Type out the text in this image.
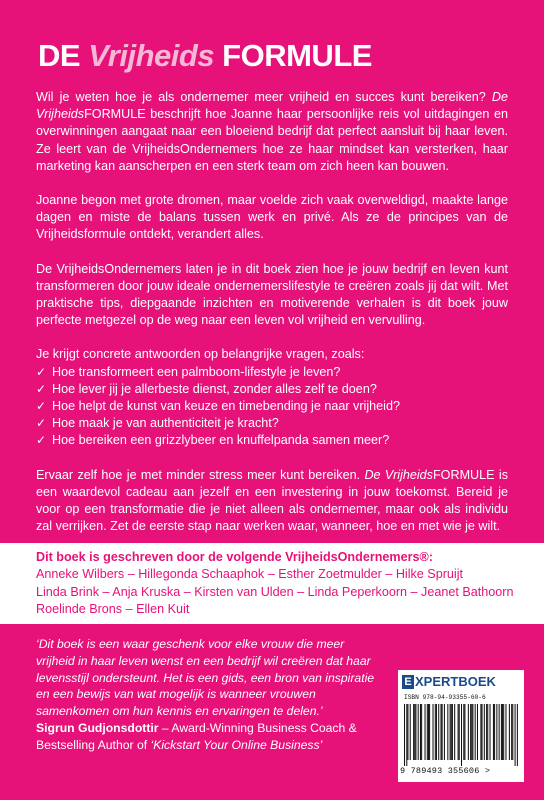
DE Vrijheids FORMULE

Wil je weten hoe je als ondernemer meer vrijheid en succes kunt bereiken? De VrijheidsFORMULE beschrijft hoe Joanne haar persoonlijke reis vol uitdagingen en overwinningen aangaat naar een bloeiend bedrijf dat perfect aansluit bij haar leven. Ze leert van de VrijheidsOndernemers hoe ze haar mindset kan versterken, haar marketing kan aanscherpen en een sterk team om zich heen kan bouwen.

Joanne begon met grote dromen, maar voelde zich vaak overweldigd, maakte lange dagen en miste de balans tussen werk en privé. Als ze de principes van de Vrijheidsformule ontdekt, verandert alles.

De VrijheidsOndernemers laten je in dit boek zien hoe je jouw bedrijf en leven kunt transformeren door jouw ideale ondernemerslifestyle te creëren zoals jij dat wilt. Met praktische tips, diepgaande inzichten en motiverende verhalen is dit boek jouw perfecte metgezel op de weg naar een leven vol vrijheid en vervulling.

Je krijgt concrete antwoorden op belangrijke vragen, zoals:

✓ Hoe transformeert een palmboom-lifestyle je leven?
✓ Hoe lever jij je allerbeste dienst, zonder alles zelf te doen?
✓ Hoe helpt de kunst van keuze en timebending je naar vrijheid?
✓ Hoe maak je van authenticiteit je kracht?
✓ Hoe bereiken een grizzlybeer en knuffelpanda samen meer?

Ervaar zelf hoe je met minder stress meer kunt bereiken. De VrijheidsFORMULE is een waardevol cadeau aan jezelf en een investering in jouw toekomst. Bereid je voor op een transformatie die je niet alleen als ondernemer, maar ook als individu zal verrijken. Zet de eerste stap naar werken waar, wanneer, hoe en met wie je wilt.

Dit boek is geschreven door de volgende VrijheidsOndernemers®:
Anneke Wilbers – Hillegonda Schaaphok – Esther Zoetmulder – Hilke Spruijt
Linda Brink – Anja Kruska – Kirsten van Ulden – Linda Peperkoorn – Jeanet Bathoorn
Roelinde Brons – Ellen Kuit
‘Dit boek is een waar geschenk voor elke vrouw die meer vrijheid in haar leven wenst en een bedrijf wil creëren dat haar levensstijl ondersteunt. Het is een gids, een bron van inspiratie en een bewijs van wat mogelijk is wanneer vrouwen samenkomen om hun kennis en ervaringen te delen.’
Sigrun Gudjonsdottir – Award-Winning Business Coach & Bestselling Author of ‘Kickstart Your Online Business’
E XPERTBOEK
ISBN 978-94-93355-60-6
9 789493 355606 >
